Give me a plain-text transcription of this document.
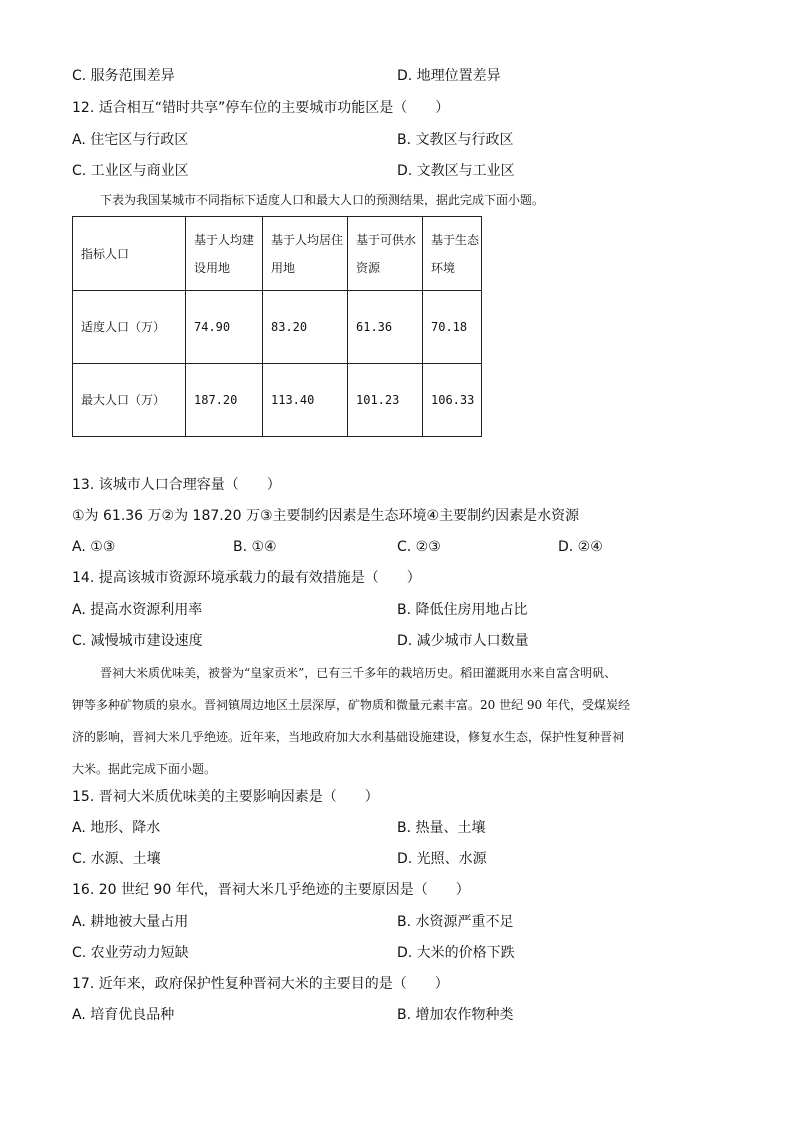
C. 服务范围差异	D. 地理位置差异
12. 适合相互“错时共享”停车位的主要城市功能区是（　　）
A. 住宅区与行政区	B. 文教区与行政区
C. 工业区与商业区	D. 文教区与工业区
下表为我国某城市不同指标下适度人口和最大人口的预测结果，据此完成下面小题。
指标人口	基于人均建设用地	基于人均居住用地	基于可供水资源	基于生态环境
适度人口（万）	74.90	83.20	61.36	70.18
最大人口（万）	187.20	113.40	101.23	106.33
13. 该城市人口合理容量（　　）
①为 61.36 万②为 187.20 万③主要制约因素是生态环境④主要制约因素是水资源
A. ①③	B. ①④	C. ②③	D. ②④
14. 提高该城市资源环境承载力的最有效措施是（　　）
A. 提高水资源利用率	B. 降低住房用地占比
C. 减慢城市建设速度	D. 减少城市人口数量
晋祠大米质优味美，被誉为“皇家贡米”，已有三千多年的栽培历史。稻田灌溉用水来自富含明矾、
钾等多种矿物质的泉水。晋祠镇周边地区土层深厚，矿物质和微量元素丰富。20 世纪 90 年代，受煤炭经
济的影响，晋祠大米几乎绝迹。近年来，当地政府加大水利基础设施建设，修复水生态，保护性复种晋祠
大米。据此完成下面小题。
15. 晋祠大米质优味美的主要影响因素是（　　）
A. 地形、降水	B. 热量、土壤
C. 水源、土壤	D. 光照、水源
16. 20 世纪 90 年代，晋祠大米几乎绝迹的主要原因是（　　）
A. 耕地被大量占用	B. 水资源严重不足
C. 农业劳动力短缺	D. 大米的价格下跌
17. 近年来，政府保护性复种晋祠大米的主要目的是（　　）
A. 培育优良品种	B. 增加农作物种类
